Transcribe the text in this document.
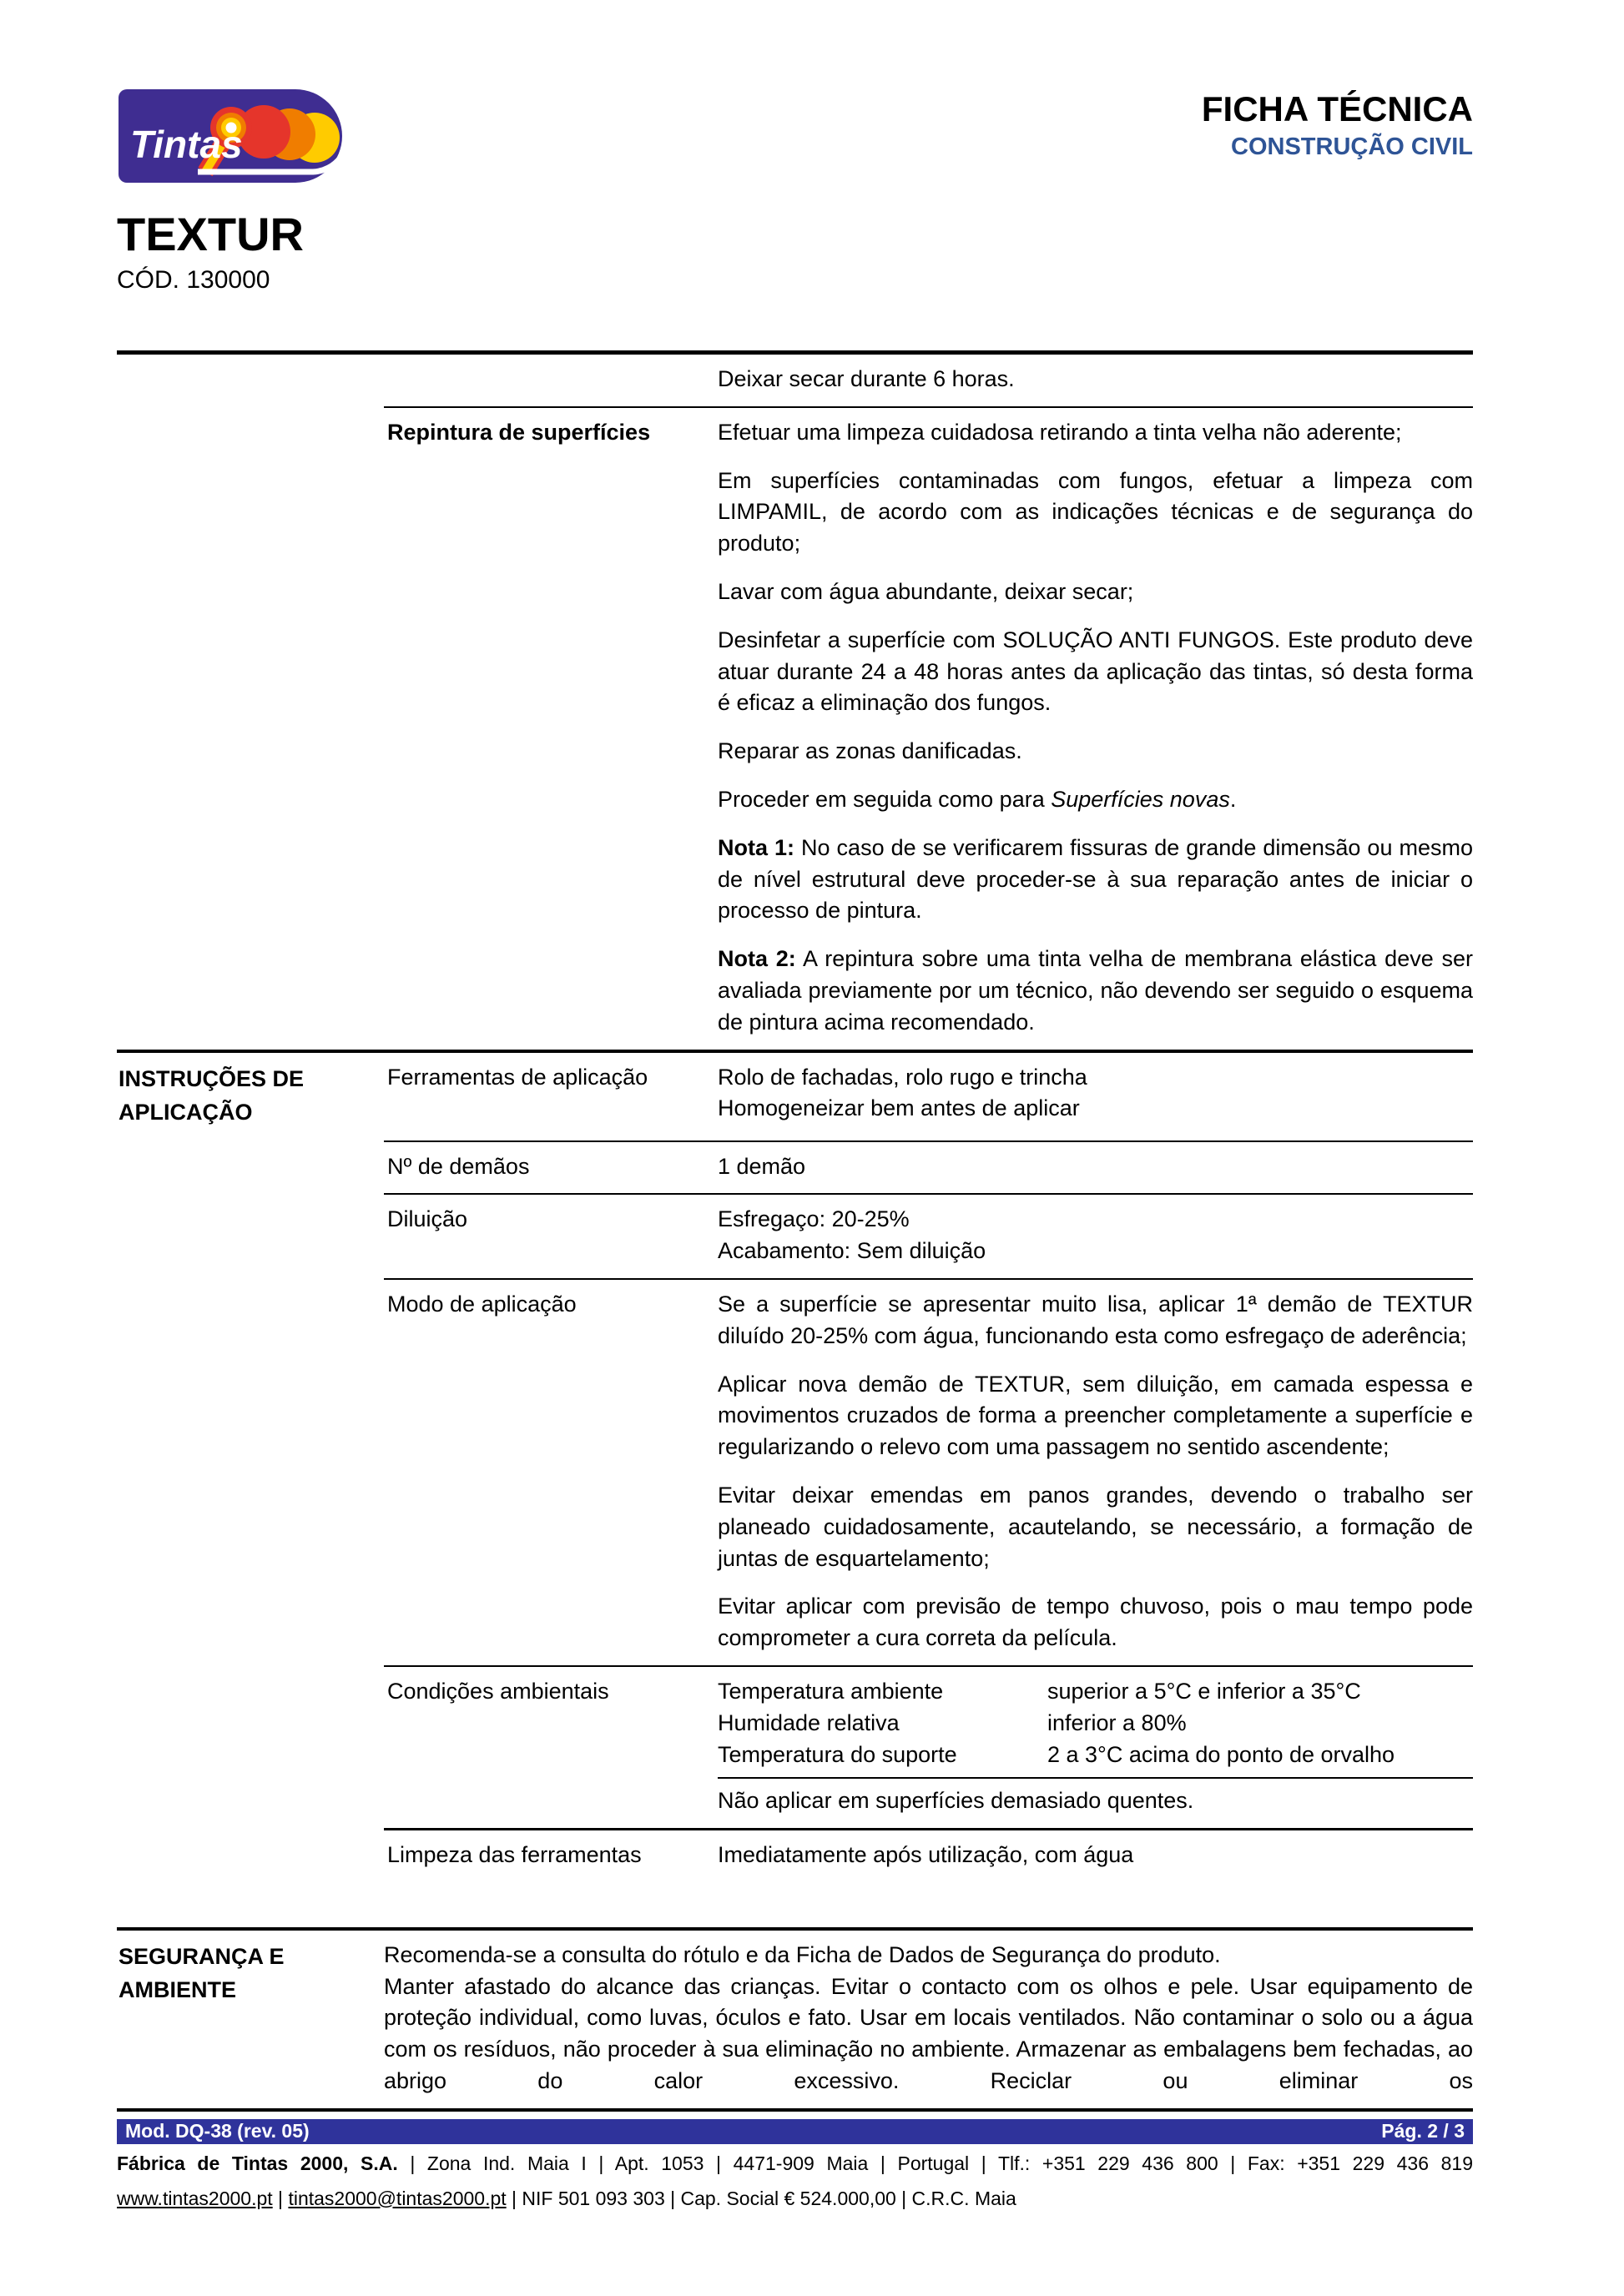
Tintas
FICHA TÉCNICA
CONSTRUÇÃO CIVIL
TEXTUR
CÓD. 130000

Deixar secar durante 6 horas.

Repintura de superfícies	Efetuar uma limpeza cuidadosa retirando a tinta velha não aderente;

Em superfícies contaminadas com fungos, efetuar a limpeza com LIMPAMIL, de acordo com as indicações técnicas e de segurança do produto;

Lavar com água abundante, deixar secar;

Desinfetar a superfície com SOLUÇÃO ANTI FUNGOS. Este produto deve atuar durante 24 a 48 horas antes da aplicação das tintas, só desta forma é eficaz a eliminação dos fungos.

Reparar as zonas danificadas.

Proceder em seguida como para Superfícies novas.

Nota 1: No caso de se verificarem fissuras de grande dimensão ou mesmo de nível estrutural deve proceder-se à sua reparação antes de iniciar o processo de pintura.

Nota 2: A repintura sobre uma tinta velha de membrana elástica deve ser avaliada previamente por um técnico, não devendo ser seguido o esquema de pintura acima recomendado.

INSTRUÇÕES DE APLICAÇÃO
Ferramentas de aplicação	Rolo de fachadas, rolo rugo e trincha

Homogeneizar bem antes de aplicar

Nº de demãos	1 demão

Diluição	Esfregaço: 20-25%

Acabamento: Sem diluição

Modo de aplicação	Se a superfície se apresentar muito lisa, aplicar 1ª demão de TEXTUR diluído 20-25% com água, funcionando esta como esfregaço de aderência;

Aplicar nova demão de TEXTUR, sem diluição, em camada espessa e movimentos cruzados de forma a preencher completamente a superfície e regularizando o relevo com uma passagem no sentido ascendente;

Evitar deixar emendas em panos grandes, devendo o trabalho ser planeado cuidadosamente, acautelando, se necessário, a formação de juntas de esquartelamento;

Evitar aplicar com previsão de tempo chuvoso, pois o mau tempo pode comprometer a cura correta da película.

Condições ambientais	Temperatura ambiente	superior a 5°C e inferior a 35°C
Humidade relativa	inferior a 80%
Temperatura do suporte	2 a 3°C acima do ponto de orvalho

Não aplicar em superfícies demasiado quentes.

Limpeza das ferramentas	Imediatamente após utilização, com água

SEGURANÇA E AMBIENTE

Recomenda-se a consulta do rótulo e da Ficha de Dados de Segurança do produto.

Manter afastado do alcance das crianças. Evitar o contacto com os olhos e pele. Usar equipamento de proteção individual, como luvas, óculos e fato. Usar em locais ventilados. Não contaminar o solo ou a água com os resíduos, não proceder à sua eliminação no ambiente. Armazenar as embalagens bem fechadas, ao abrigo do calor excessivo. Reciclar ou eliminar os

Mod. DQ-38 (rev. 05)	Pág. 2 / 3
Fábrica de Tintas 2000, S.A. | Zona Ind. Maia I | Apt. 1053 | 4471-909 Maia | Portugal | Tlf.: +351 229 436 800 | Fax: +351 229 436 819
www.tintas2000.pt | tintas2000@tintas2000.pt | NIF 501 093 303 | Cap. Social € 524.000,00 | C.R.C. Maia
